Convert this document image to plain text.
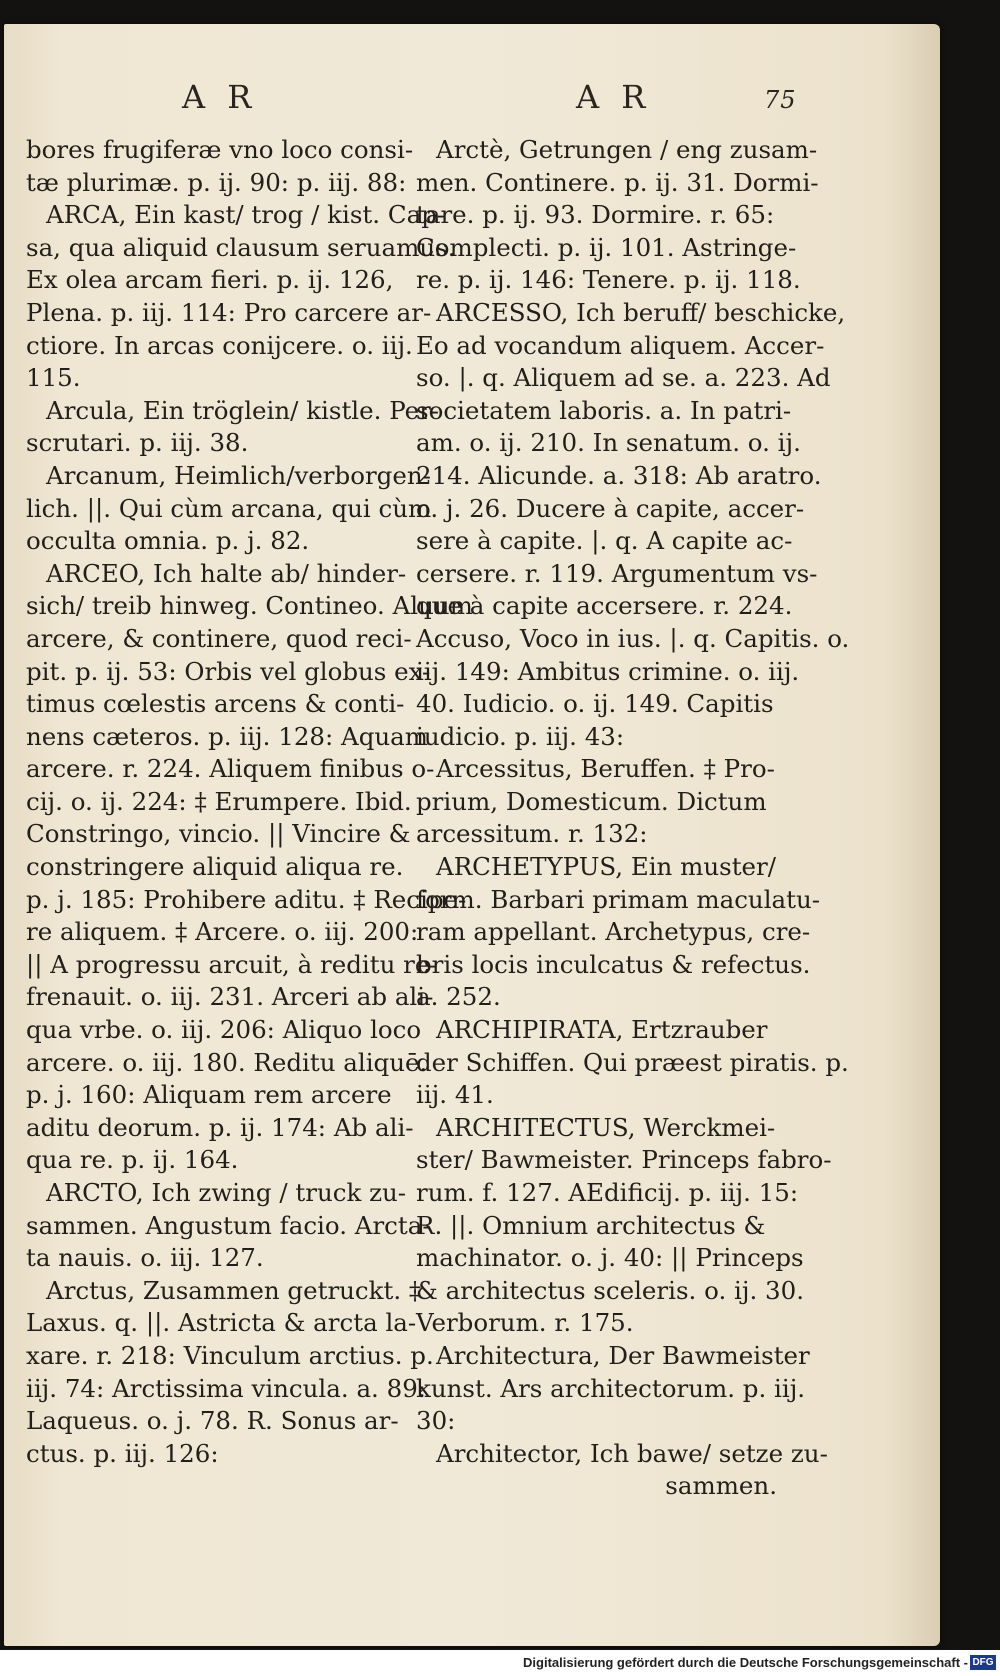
A R	A R	75
bores frugiferæ vno loco consi-
tæ plurimæ. p. ij. 90: p. iij. 88:
ARCA, Ein kast/ trog / kist. Cap-
sa, qua aliquid clausum seruamus.
Ex olea arcam fieri. p. ij. 126,
Plena. p. iij. 114: Pro carcere ar-
ctiore. In arcas conijcere. o. iij.
115.
Arcula, Ein tröglein/ kistle. Per-
scrutari. p. iij. 38.
Arcanum, Heimlich/verborgen-
lich. ||. Qui cùm arcana, qui cùm
occulta omnia. p. j. 82.
ARCEO, Ich halte ab/ hinder-
sich/ treib hinweg. Contineo. Aluum
arcere, & continere, quod reci-
pit. p. ij. 53: Orbis vel globus ex-
timus cœlestis arcens & conti-
nens cæteros. p. iij. 128: Aquam
arcere. r. 224. Aliquem finibus o-
cij. o. ij. 224: ‡ Erumpere. Ibid.
Constringo, vincio. || Vincire &
constringere aliquid aliqua re.
p. j. 185: Prohibere aditu. ‡ Recipe-
re aliquem. ‡ Arcere. o. iij. 200:
|| A progressu arcuit, à reditu re-
frenauit. o. iij. 231. Arceri ab ali-
qua vrbe. o. iij. 206: Aliquo loco
arcere. o. iij. 180. Reditu aliquē.
p. j. 160: Aliquam rem arcere
aditu deorum. p. ij. 174: Ab ali-
qua re. p. ij. 164.
ARCTO, Ich zwing / truck zu-
sammen. Angustum facio. Arcta-
ta nauis. o. iij. 127.
Arctus, Zusammen getruckt. ‡
Laxus. q. ||. Astricta & arcta la-
xare. r. 218: Vinculum arctius. p.
iij. 74: Arctissima vincula. a. 89:
Laqueus. o. j. 78. R. Sonus ar-
ctus. p. iij. 126:
Arctè, Getrungen / eng zusam-
men. Continere. p. ij. 31. Dormi-
tare. p. ij. 93. Dormire. r. 65:
Complecti. p. ij. 101. Astringe-
re. p. ij. 146: Tenere. p. ij. 118.
ARCESSO, Ich beruff/ beschicke,
Eo ad vocandum aliquem. Accer-
so. |. q. Aliquem ad se. a. 223. Ad
societatem laboris. a. In patri-
am. o. ij. 210. In senatum. o. ij.
214. Alicunde. a. 318: Ab aratro.
o. j. 26. Ducere à capite, accer-
sere à capite. |. q. A capite ac-
cersere. r. 119. Argumentum vs-
que à capite accersere. r. 224.
Accuso, Voco in ius. |. q. Capitis. o.
iij. 149: Ambitus crimine. o. iij.
40. Iudicio. o. ij. 149. Capitis
iudicio. p. iij. 43:
Arcessitus, Beruffen. ‡ Pro-
prium, Domesticum. Dictum
arcessitum. r. 132:
ARCHETYPUS, Ein muster/
form. Barbari primam maculatu-
ram appellant. Archetypus, cre-
bris locis inculcatus & refectus.
a. 252.
ARCHIPIRATA, Ertzrauber
der Schiffen. Qui præest piratis. p.
iij. 41.
ARCHITECTUS, Werckmei-
ster/ Bawmeister. Princeps fabro-
rum. f. 127. AEdificij. p. iij. 15:
R. ||. Omnium architectus &
machinator. o. j. 40: || Princeps
& architectus sceleris. o. ij. 30.
Verborum. r. 175.
Architectura, Der Bawmeister
kunst. Ars architectorum. p. iij.
30:
Architector, Ich bawe/ setze zu-
sammen.
Digitalisierung gefördert durch die Deutsche Forschungsgemeinschaft - DFG
